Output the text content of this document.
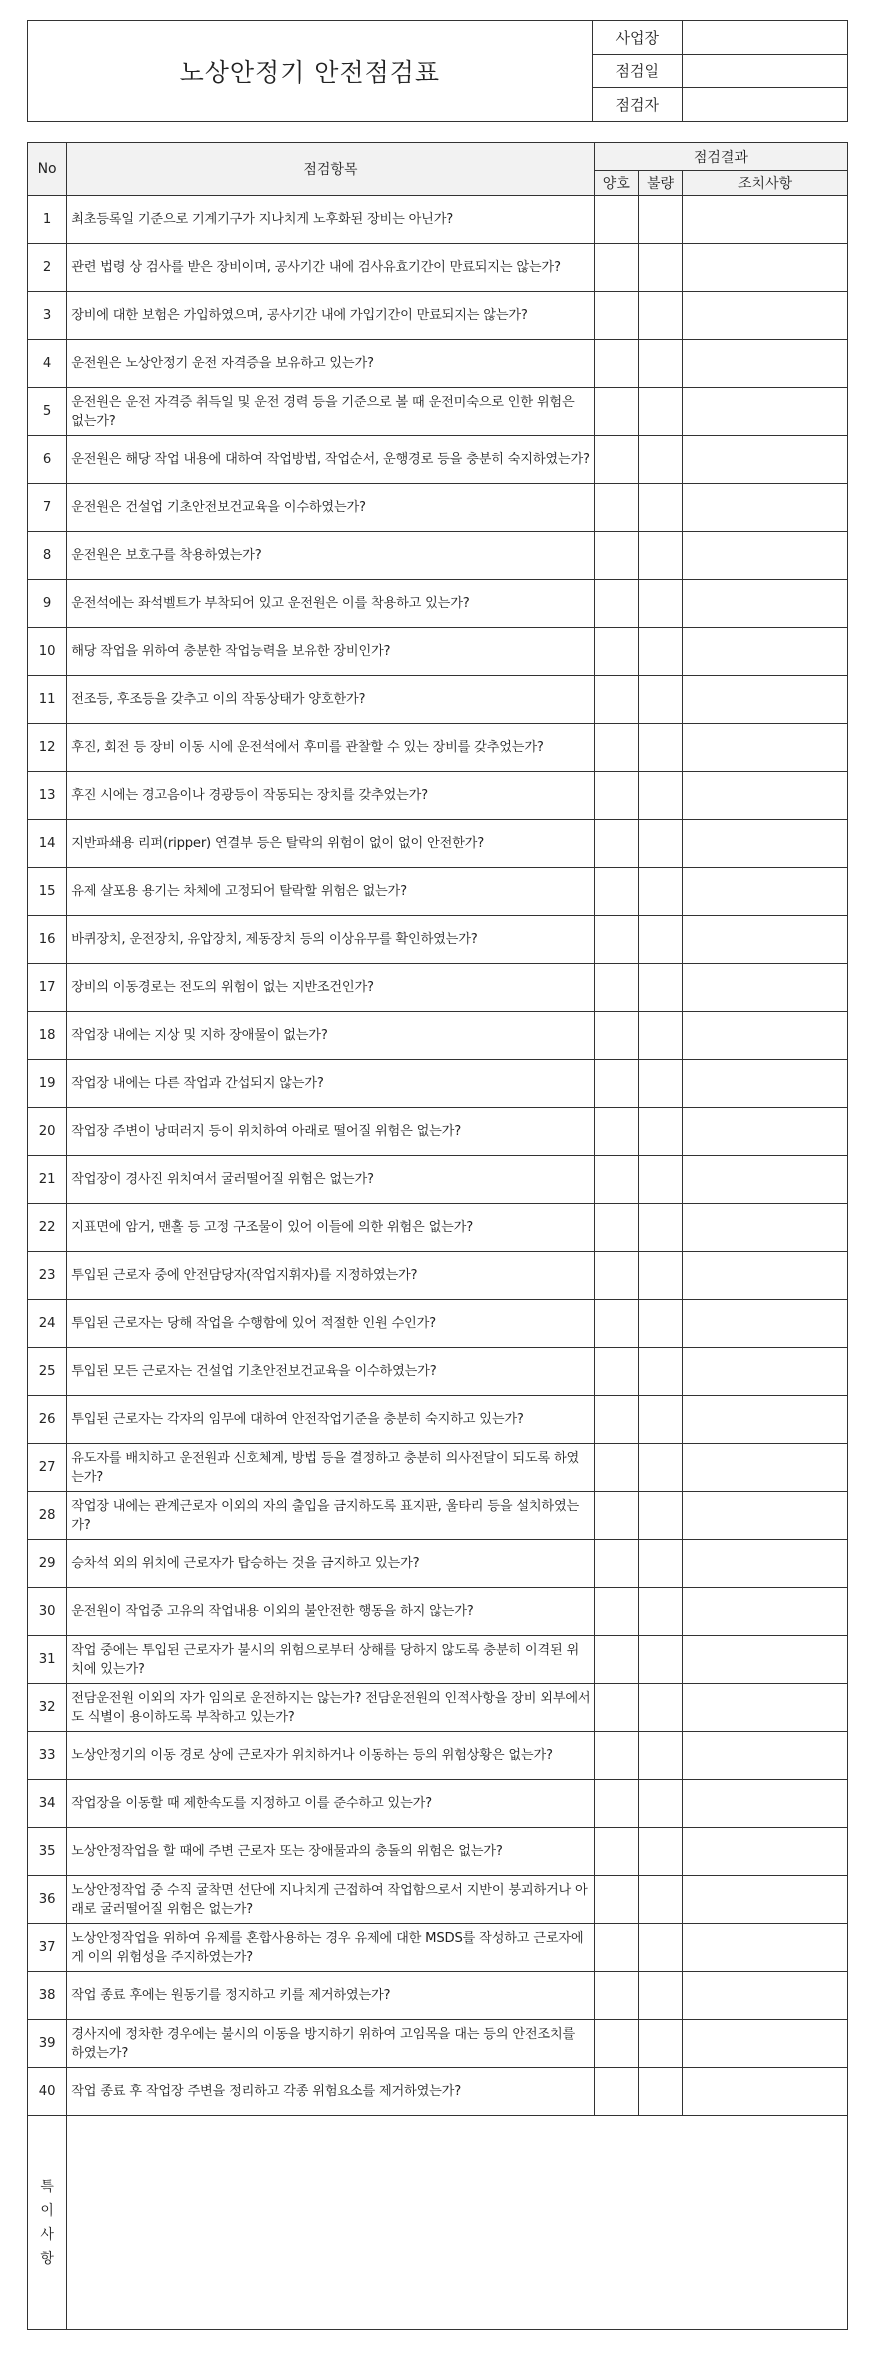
노상안정기 안전점검표	사업장	
	점검일	
	점검자	
No	점검항목	점검결과		
		양호	불량	조치사항
1	최초등록일 기준으로 기계기구가 지나치게 노후화된 장비는 아닌가?			
2	관련 법령 상 검사를 받은 장비이며, 공사기간 내에 검사유효기간이 만료되지는 않는가?			
3	장비에 대한 보험은 가입하였으며, 공사기간 내에 가입기간이 만료되지는 않는가?			
4	운전원은 노상안정기 운전 자격증을 보유하고 있는가?			
5	운전원은 운전 자격증 취득일 및 운전 경력 등을 기준으로 볼 때 운전미숙으로 인한 위험은 없는가?			
6	운전원은 해당 작업 내용에 대하여 작업방법, 작업순서, 운행경로 등을 충분히 숙지하였는가?			
7	운전원은 건설업 기초안전보건교육을 이수하였는가?			
8	운전원은 보호구를 착용하였는가?			
9	운전석에는 좌석벨트가 부착되어 있고 운전원은 이를 착용하고 있는가?			
10	해당 작업을 위하여 충분한 작업능력을 보유한 장비인가?			
11	전조등, 후조등을 갖추고 이의 작동상태가 양호한가?			
12	후진, 회전 등 장비 이동 시에 운전석에서 후미를 관찰할 수 있는 장비를 갖추었는가?			
13	후진 시에는 경고음이나 경광등이 작동되는 장치를 갖추었는가?			
14	지반파쇄용 리퍼(ripper) 연결부 등은 탈락의 위험이 없이 없이 안전한가?			
15	유제 살포용 용기는 차체에 고정되어 탈락할 위험은 없는가?			
16	바퀴장치, 운전장치, 유압장치, 제동장치 등의 이상유무를 확인하였는가?			
17	장비의 이동경로는 전도의 위험이 없는 지반조건인가?			
18	작업장 내에는 지상 및 지하 장애물이 없는가?			
19	작업장 내에는 다른 작업과 간섭되지 않는가?			
20	작업장 주변이 낭떠러지 등이 위치하여 아래로 떨어질 위험은 없는가?			
21	작업장이 경사진 위치여서 굴러떨어질 위험은 없는가?			
22	지표면에 암거, 맨홀 등 고정 구조물이 있어 이들에 의한 위험은 없는가?			
23	투입된 근로자 중에 안전담당자(작업지휘자)를 지정하였는가?			
24	투입된 근로자는 당해 작업을 수행함에 있어 적절한 인원 수인가?			
25	투입된 모든 근로자는 건설업 기초안전보건교육을 이수하였는가?			
26	투입된 근로자는 각자의 임무에 대하여 안전작업기준을 충분히 숙지하고 있는가?			
27	유도자를 배치하고 운전원과 신호체계, 방법 등을 결정하고 충분히 의사전달이 되도록 하였는가?			
28	작업장 내에는 관계근로자 이외의 자의 출입을 금지하도록 표지판, 울타리 등을 설치하였는가?			
29	승차석 외의 위치에 근로자가 탑승하는 것을 금지하고 있는가?			
30	운전원이 작업중 고유의 작업내용 이외의 불안전한 행동을 하지 않는가?			
31	작업 중에는 투입된 근로자가 불시의 위험으로부터 상해를 당하지 않도록 충분히 이격된 위치에 있는가?			
32	전담운전원 이외의 자가 임의로 운전하지는 않는가? 전담운전원의 인적사항을 장비 외부에서도 식별이 용이하도록 부착하고 있는가?			
33	노상안정기의 이동 경로 상에 근로자가 위치하거나 이동하는 등의 위험상황은 없는가?			
34	작업장을 이동할 때 제한속도를 지정하고 이를 준수하고 있는가?			
35	노상안정작업을 할 때에 주변 근로자 또는 장애물과의 충돌의 위험은 없는가?			
36	노상안정작업 중 수직 굴착면 선단에 지나치게 근접하여 작업함으로서 지반이 붕괴하거나 아래로 굴러떨어질 위험은 없는가?			
37	노상안정작업을 위하여 유제를 혼합사용하는 경우 유제에 대한 MSDS를 작성하고 근로자에게 이의 위험성을 주지하였는가?			
38	작업 종료 후에는 원동기를 정지하고 키를 제거하였는가?			
39	경사지에 정차한 경우에는 불시의 이동을 방지하기 위하여 고임목을 대는 등의 안전조치를 하였는가?			
40	작업 종료 후 작업장 주변을 정리하고 각종 위험요소를 제거하였는가?			

특
이
사
항				
